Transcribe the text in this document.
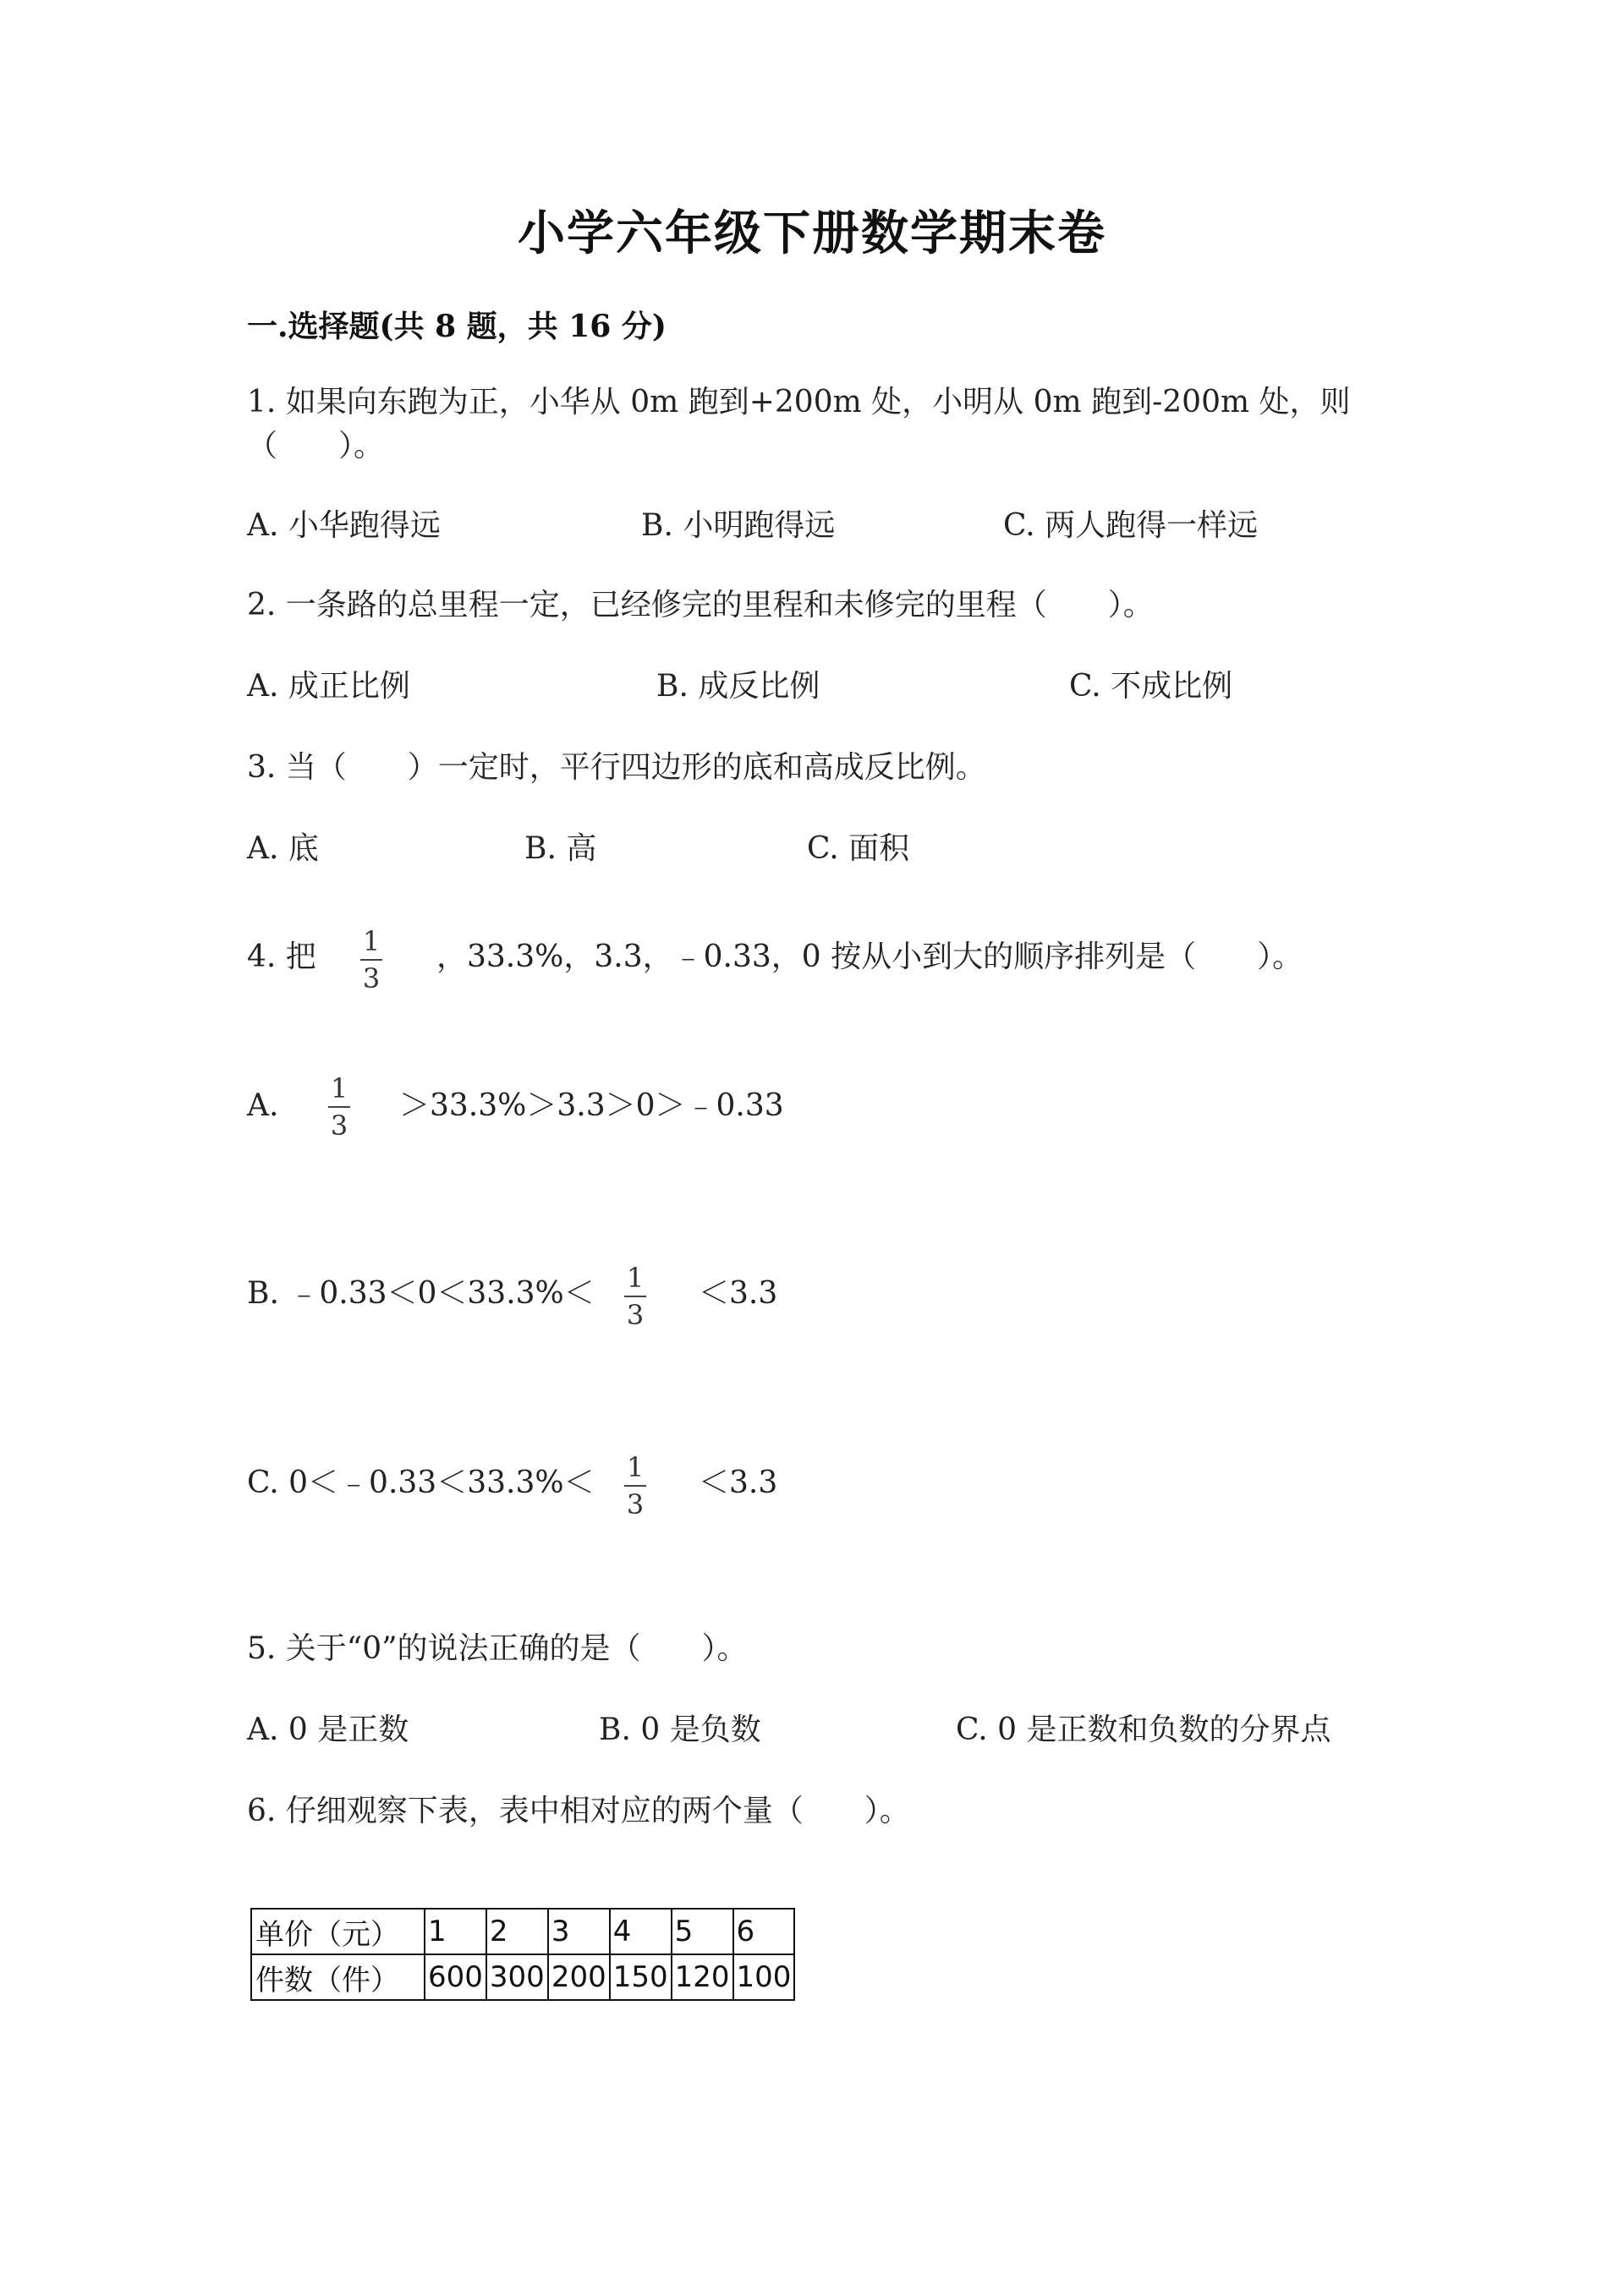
小学六年级下册数学期末卷
一.选择题(共 8 题，共 16 分)
1. 如果向东跑为正，小华从 0m 跑到+200m 处，小明从 0m 跑到-200m 处，则
（　　）。
A. 小华跑得远	B. 小明跑得远	C. 两人跑得一样远
2. 一条路的总里程一定，已经修完的里程和未修完的里程（　　）。
A. 成正比例	B. 成反比例	C. 不成比例
3. 当（　　）一定时，平行四边形的底和高成反比例。
A. 底	B. 高	C. 面积
4. 把 1
3
，33.3%，3.3，﹣0.33，0 按从小到大的顺序排列是（　　）。
A. 1
3
＞33.3%＞3.3＞0＞﹣0.33
B. ﹣0.33＜0＜33.3%＜ 1
3
＜3.3
C. 0＜﹣0.33＜33.3%＜ 1
3
＜3.3
5. 关于“0”的说法正确的是（　　）。
A. 0 是正数	B. 0 是负数	C. 0 是正数和负数的分界点
6. 仔细观察下表，表中相对应的两个量（　　）。
单价（元）	1	2	3	4	5	6
件数（件）	600	300	200	150	120	100
